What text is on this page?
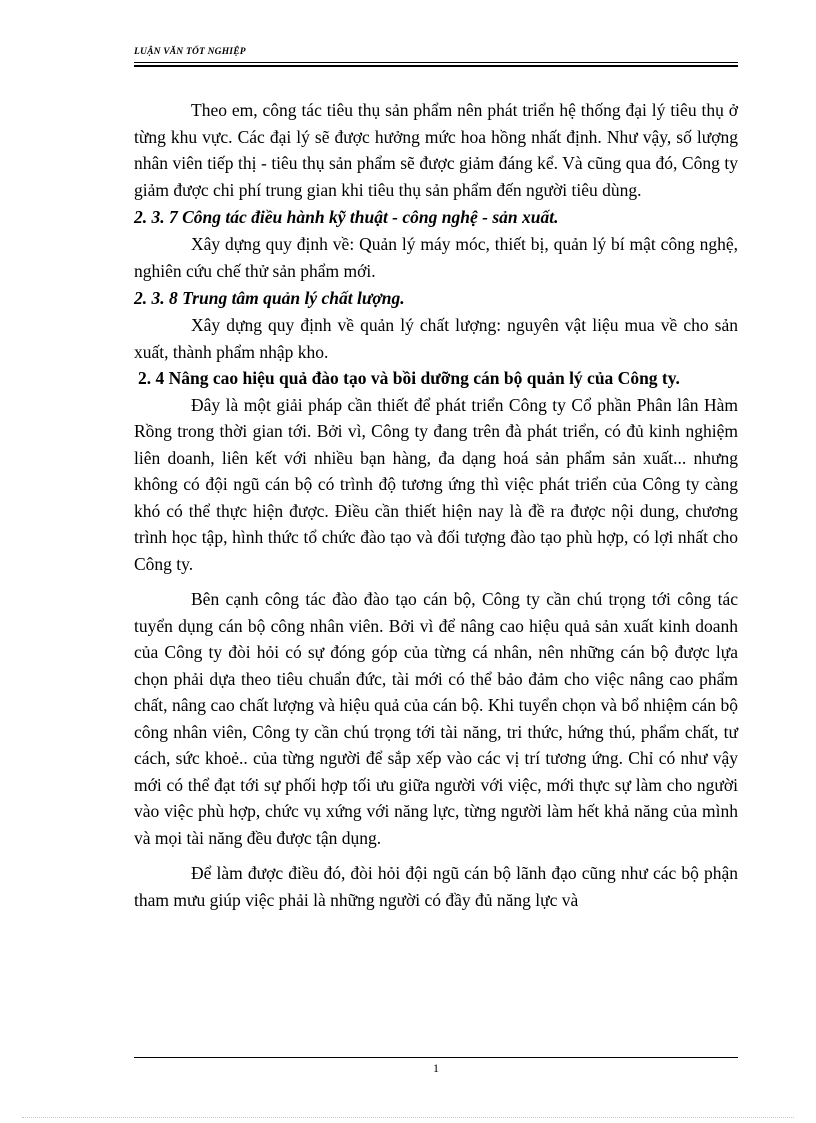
LUẬN VĂN TỐT NGHIỆP

Theo em, công tác tiêu thụ sản phẩm nên phát triển hệ thống đại lý tiêu thụ ở từng khu vực. Các đại lý sẽ được hưởng mức hoa hồng nhất định. Như vậy, số lượng nhân viên tiếp thị - tiêu thụ sản phẩm sẽ được giảm đáng kể. Và cũng qua đó, Công ty giảm được chi phí trung gian khi tiêu thụ sản phẩm đến người tiêu dùng.

2. 3. 7 Công tác điều hành kỹ thuật - công nghệ - sản xuất.

Xây dựng quy định về: Quản lý máy móc, thiết bị, quản lý bí mật công nghệ, nghiên cứu chế thử sản phẩm mới.

2. 3. 8 Trung tâm quản lý chất lượng.

Xây dựng quy định về quản lý chất lượng: nguyên vật liệu mua về cho sản xuất, thành phẩm nhập kho.

2. 4 Nâng cao hiệu quả đào tạo và bồi dưỡng cán bộ quản lý của Công ty.

Đây là một giải pháp cần thiết để phát triển Công ty Cổ phần Phân lân Hàm Rồng trong thời gian tới. Bởi vì, Công ty đang trên đà phát triển, có đủ kinh nghiệm liên doanh, liên kết với nhiều bạn hàng, đa dạng hoá sản phẩm sản xuất... nhưng không có đội ngũ cán bộ có trình độ tương ứng thì việc phát triển của Công ty càng khó có thể thực hiện được. Điều cần thiết hiện nay là đề ra được nội dung, chương trình học tập, hình thức tổ chức đào tạo và đối tượng đào tạo phù hợp, có lợi nhất cho Công ty.

Bên cạnh công tác đào đào tạo cán bộ, Công ty cần chú trọng tới công tác tuyển dụng cán bộ công nhân viên. Bởi vì để nâng cao hiệu quả sản xuất kinh doanh của Công ty đòi hỏi có sự đóng góp của từng cá nhân, nên những cán bộ được lựa chọn phải dựa theo tiêu chuẩn đức, tài mới có thể bảo đảm cho việc nâng cao phẩm chất, nâng cao chất lượng và hiệu quả của cán bộ. Khi tuyển chọn và bổ nhiệm cán bộ công nhân viên, Công ty cần chú trọng tới tài năng, tri thức, hứng thú, phẩm chất, tư cách, sức khoẻ.. của từng người để sắp xếp vào các vị trí tương ứng. Chỉ có như vậy mới có thể đạt tới sự phối hợp tối ưu giữa người với việc, mới thực sự làm cho người vào việc phù hợp, chức vụ xứng với năng lực, từng người làm hết khả năng của mình và mọi tài năng đều được tận dụng.

Để làm được điều đó, đòi hỏi đội ngũ cán bộ lãnh đạo cũng như các bộ phận tham mưu giúp việc phải là những người có đầy đủ năng lực và

1
